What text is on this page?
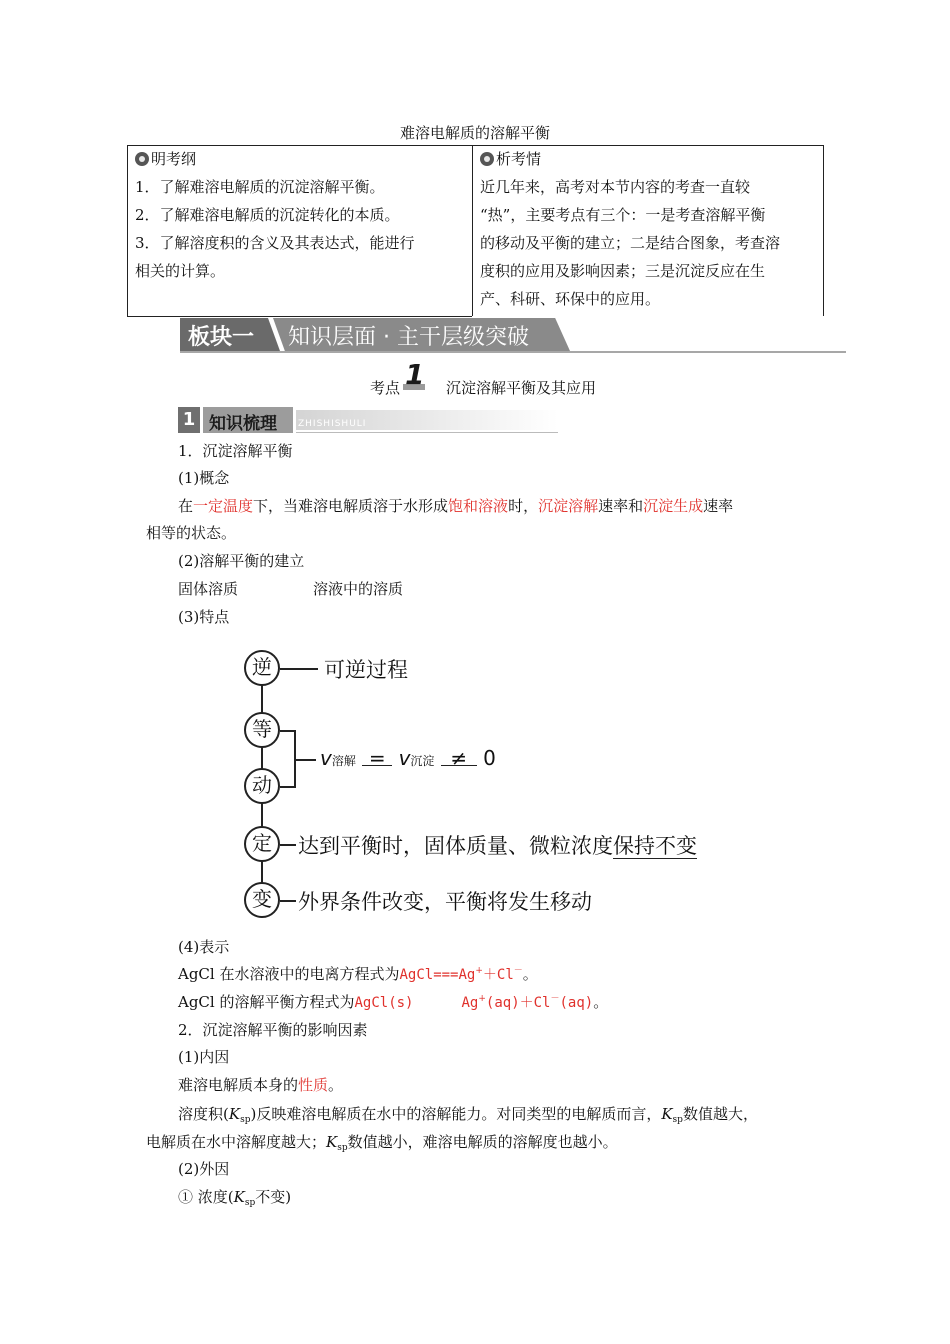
难溶电解质的溶解平衡
明考纲
1．了解难溶电解质的沉淀溶解平衡。
2．了解难溶电解质的沉淀转化的本质。
3．了解溶度积的含义及其表达式，能进行
相关的计算。
析考情
近几年来，高考对本节内容的考查一直较
“热”，主要考点有三个：一是考查溶解平衡
的移动及平衡的建立；二是结合图象，考查溶
度积的应用及影响因素；三是沉淀反应在生
产、科研、环保中的应用。
板块一 知识层面 · 主干层级突破
考点 1 沉淀溶解平衡及其应用
1 知识梳理 ZHISHISHULI
1．沉淀溶解平衡
(1)概念
在一定温度下，当难溶电解质溶于水形成饱和溶液时，沉淀溶解速率和沉淀生成速率
相等的状态。
(2)溶解平衡的建立
固体溶质	溶液中的溶质
(3)特点
逆	可逆过程
等
动
v溶解 = v沉淀 ≠ 0
定	达到平衡时，固体质量、微粒浓度保持不变
变	外界条件改变，平衡将发生移动
(4)表示
AgCl 在水溶液中的电离方程式为AgCl===Ag+＋Cl－。
AgCl 的溶解平衡方程式为AgCl(s)	Ag+(aq)＋Cl－(aq)。
2．沉淀溶解平衡的影响因素
(1)内因
难溶电解质本身的性质。
溶度积$(K_{sp})$反映难溶电解质在水中的溶解能力。对同类型的电解质而言，$K_{sp}$数值越大，
电解质在水中溶解度越大；$K_{sp}$数值越小，难溶电解质的溶解度也越小。
(2)外因
① 浓度($K_{sp}$不变)
